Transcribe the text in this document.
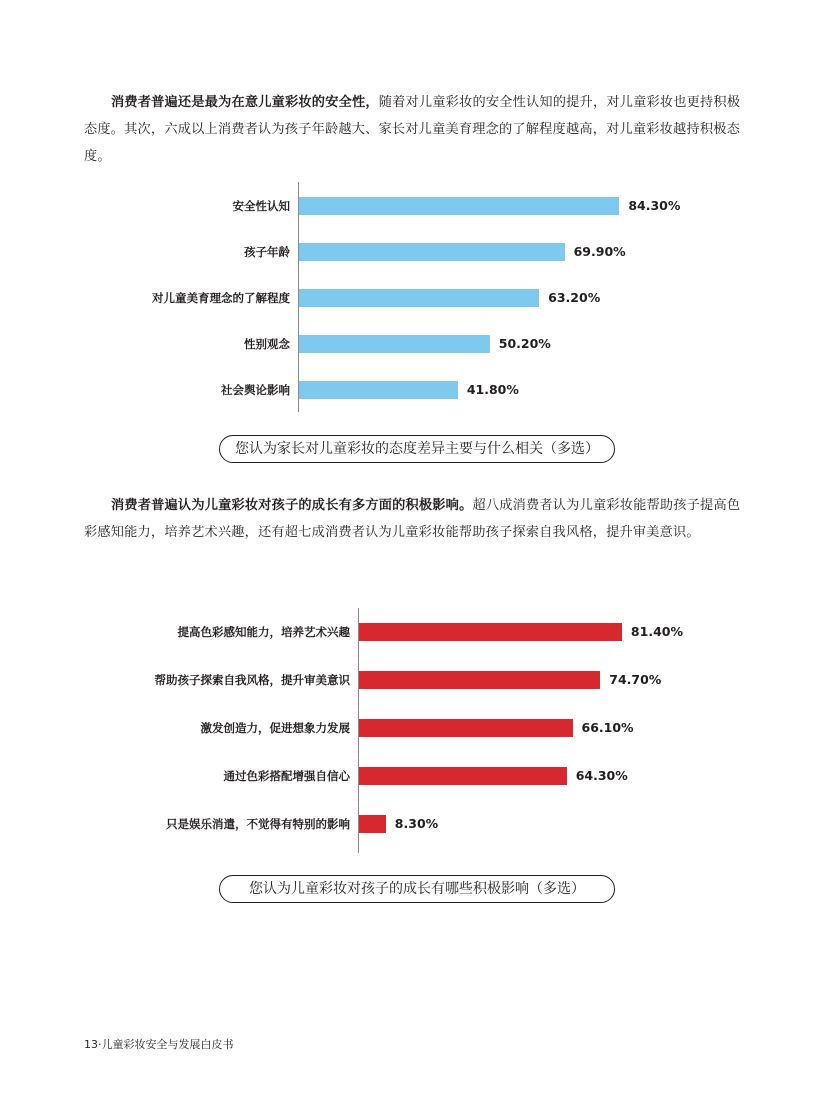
消费者普遍还是最为在意儿童彩妆的安全性，随着对儿童彩妆的安全性认知的提升，对儿童彩妆也更持积极态度。其次，六成以上消费者认为孩子年龄越大、家长对儿童美育理念的了解程度越高，对儿童彩妆越持积极态度。

安全性认知	84.30%
孩子年龄	69.90%
对儿童美育理念的了解程度	63.20%
性别观念	50.20%
社会舆论影响	41.80%
您认为家长对儿童彩妆的态度差异主要与什么相关（多选）

消费者普遍认为儿童彩妆对孩子的成长有多方面的积极影响。超八成消费者认为儿童彩妆能帮助孩子提高色彩感知能力，培养艺术兴趣，还有超七成消费者认为儿童彩妆能帮助孩子探索自我风格，提升审美意识。

提高色彩感知能力，培养艺术兴趣	81.40%
帮助孩子探索自我风格，提升审美意识	74.70%
激发创造力，促进想象力发展	66.10%
通过色彩搭配增强自信心	64.30%
只是娱乐消遣，不觉得有特别的影响	8.30%
您认为儿童彩妆对孩子的成长有哪些积极影响（多选）
13·儿童彩妆安全与发展白皮书
